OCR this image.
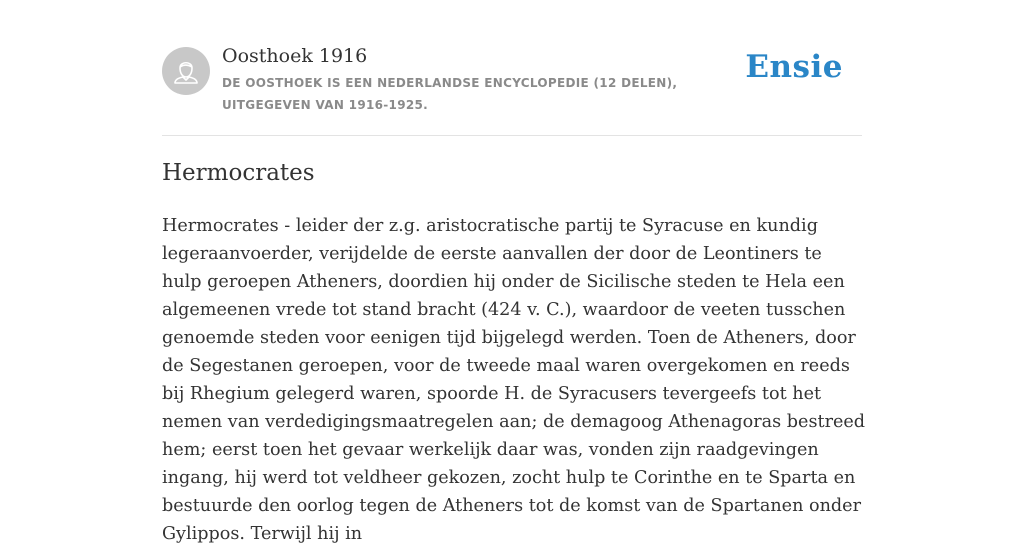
Oosthoek 1916
DE OOSTHOEK IS EEN NEDERLANDSE ENCYCLOPEDIE (12 DELEN), UITGEGEVEN VAN 1916-1925.
Ensie
Hermocrates

Hermocrates - leider der z.g. aristocratische partij te Syracuse en kundig legeraanvoerder, verijdelde de eerste aanvallen der door de Leontiners te hulp geroepen Atheners, doordien hij onder de Sicilische steden te Hela een algemeenen vrede tot stand bracht (424 v. C.), waardoor de veeten tusschen genoemde steden voor eenigen tijd bijgelegd werden. Toen de Atheners, door de Segestanen geroepen, voor de tweede maal waren overgekomen en reeds bij Rhegium gelegerd waren, spoorde H. de Syracusers tevergeefs tot het nemen van verdedigingsmaatregelen aan; de demagoog Athenagoras bestreed hem; eerst toen het gevaar werkelijk daar was, vonden zijn raadgevingen ingang, hij werd tot veldheer gekozen, zocht hulp te Corinthe en te Sparta en bestuurde den oorlog tegen de Atheners tot de komst van de Spartanen onder Gylippos. Terwijl hij in
